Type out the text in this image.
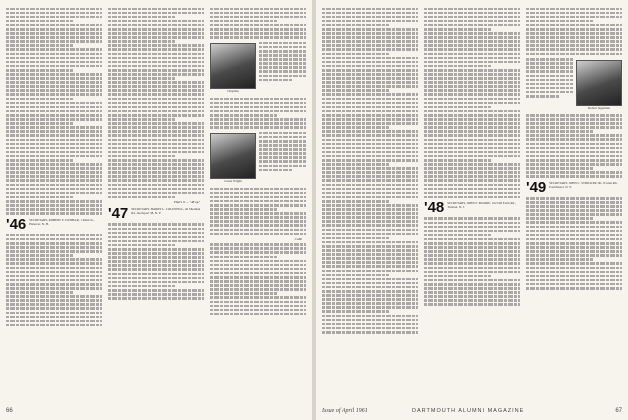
'46 SECRETARY, ROBERT E. DUNBAR, 1 Main St., Hanover, N. H.
That's it — "48 op"
'47 SECRETARY, HARRY L. COLDWELL, 46 Sheridan Rd., Rockport 38, N. Y.
Chaplain
Curtis Wright
Cobb
66
'48 SECRETARY, JOHN F. MOORE, 102 Old Farm Rd., Trenton, N. J.
Robert Jagerman
'49 SECRETARY, JOHN C. STRICKER JR., 8 Glen Rd., Eastchester, N. Y.
DARTMOUTH ALUMNI MAGAZINE
Issue of April 1961	67
